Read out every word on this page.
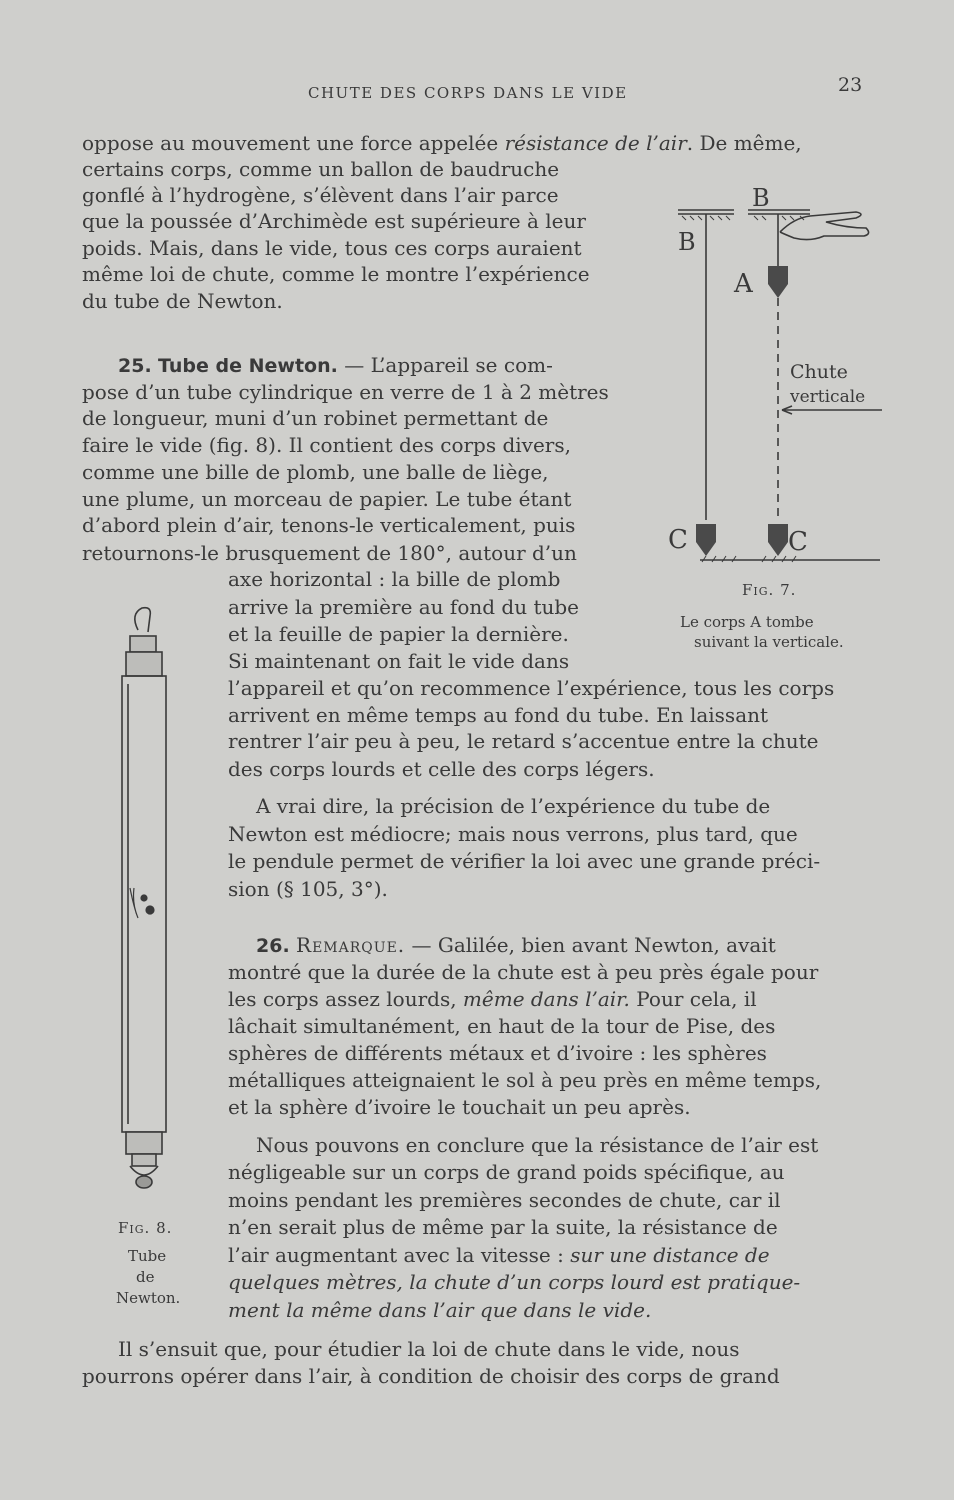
CHUTE DES CORPS DANS LE VIDE	23
oppose au mouvement une force appelée résistance de l’air. De même,
certains corps, comme un ballon de baudruche
gonflé à l’hydrogène, s’élèvent dans l’air parce
que la poussée d’Archimède est supérieure à leur
poids. Mais, dans le vide, tous ces corps auraient
même loi de chute, comme le montre l’expérience
du tube de Newton.
25. Tube de Newton. — L’appareil se com-
pose d’un tube cylindrique en verre de 1 à 2 mètres
de longueur, muni d’un robinet permettant de
faire le vide (fig. 8). Il contient des corps divers,
comme une bille de plomb, une balle de liège,
une plume, un morceau de papier. Le tube étant
d’abord plein d’air, tenons-le verticalement, puis
retournons-le brusquement de 180°, autour d’un
axe horizontal : la bille de plomb
arrive la première au fond du tube
et la feuille de papier la dernière.
Si maintenant on fait le vide dans
l’appareil et qu’on recommence l’expérience, tous les corps
arrivent en même temps au fond du tube. En laissant
rentrer l’air peu à peu, le retard s’accentue entre la chute
des corps lourds et celle des corps légers.
A vrai dire, la précision de l’expérience du tube de
Newton est médiocre; mais nous verrons, plus tard, que
le pendule permet de vérifier la loi avec une grande préci-
sion (§ 105, 3°).
26. Remarque. — Galilée, bien avant Newton, avait
montré que la durée de la chute est à peu près égale pour
les corps assez lourds, même dans l’air. Pour cela, il
lâchait simultanément, en haut de la tour de Pise, des
sphères de différents métaux et d’ivoire : les sphères
métalliques atteignaient le sol à peu près en même temps,
et la sphère d’ivoire le touchait un peu après.
Nous pouvons en conclure que la résistance de l’air est
négligeable sur un corps de grand poids spécifique, au
moins pendant les premières secondes de chute, car il
n’en serait plus de même par la suite, la résistance de
l’air augmentant avec la vitesse : sur une distance de
quelques mètres, la chute d’un corps lourd est pratique-
ment la même dans l’air que dans le vide.
Il s’ensuit que, pour étudier la loi de chute dans le vide, nous
pourrons opérer dans l’air, à condition de choisir des corps de grand
B
B
A
C	C
Chute
verticale
Fig. 7.
Le corps A tombe
suivant la verticale.
Fig. 8.
Tube
de
Newton.
